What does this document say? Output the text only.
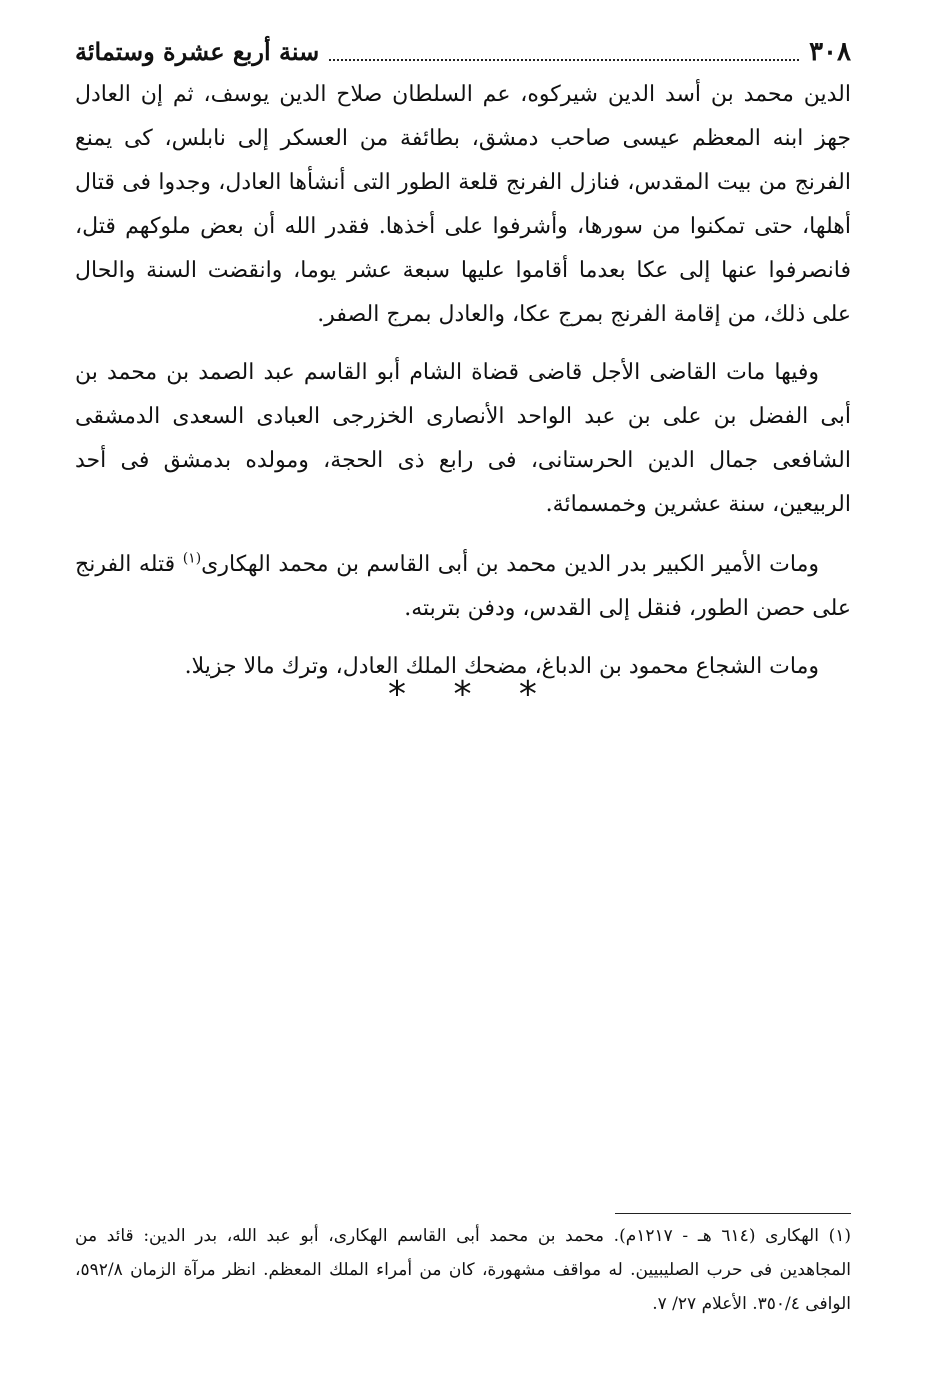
٣٠٨
سنة أربع عشرة وستمائة

الدين محمد بن أسد الدين شيركوه، عم السلطان صلاح الدين يوسف، ثم إن العادل جهز ابنه المعظم عيسى صاحب دمشق، بطائفة من العسكر إلى نابلس، كى يمنع الفرنج من بيت المقدس، فنازل الفرنج قلعة الطور التى أنشأها العادل، وجدوا فى قتال أهلها، حتى تمكنوا من سورها، وأشرفوا على أخذها. فقدر الله أن بعض ملوكهم قتل، فانصرفوا عنها إلى عكا بعدما أقاموا عليها سبعة عشر يوما، وانقضت السنة والحال على ذلك، من إقامة الفرنج بمرج عكا، والعادل بمرج الصفر.

وفيها مات القاضى الأجل قاضى قضاة الشام أبو القاسم عبد الصمد بن محمد بن أبى الفضل بن على بن عبد الواحد الأنصارى الخزرجى العبادى السعدى الدمشقى الشافعى جمال الدين الحرستانى، فى رابع ذى الحجة، ومولده بدمشق فى أحد الربيعين، سنة عشرين وخمسمائة.

ومات الأمير الكبير بدر الدين محمد بن أبى القاسم بن محمد الهكارى$^{(١)}$ قتله الفرنج على حصن الطور، فنقل إلى القدس، ودفن بتربته.

ومات الشجاع محمود بن الدباغ، مضحك الملك العادل، وترك مالا جزيلا.

* * *

(١) الهكارى (٦١٤ هـ - ١٢١٧م). محمد بن محمد أبى القاسم الهكارى، أبو عبد الله، بدر الدين: قائد من المجاهدين فى حرب الصليبيين. له مواقف مشهورة، كان من أمراء الملك المعظم. انظر مرآة الزمان ٥٩٢/٨، الوافى ٣٥٠/٤. الأعلام ٢٧/ ٧.
